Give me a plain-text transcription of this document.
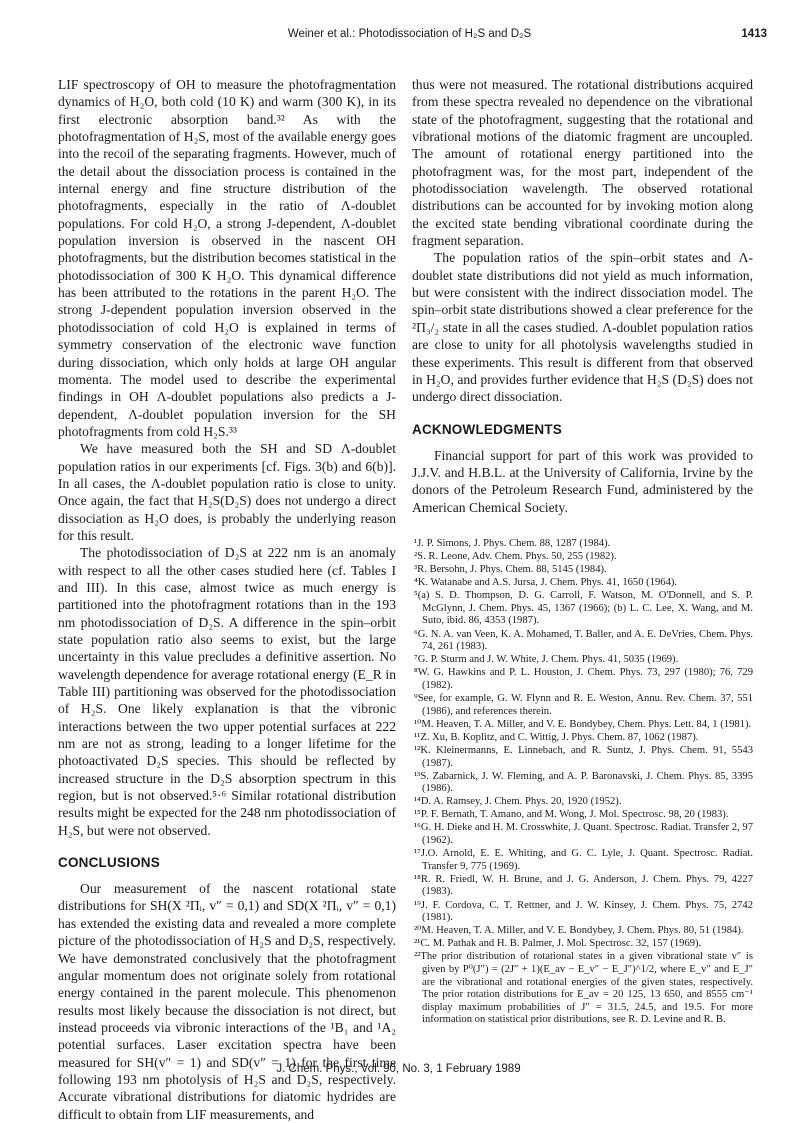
Weiner et al.: Photodissociation of H₂S and D₂S	1413

LIF spectroscopy of OH to measure the photofragmentation dynamics of H₂O, both cold (10 K) and warm (300 K), in its first electronic absorption band.³² As with the photofragmentation of H₂S, most of the available energy goes into the recoil of the separating fragments. However, much of the detail about the dissociation process is contained in the internal energy and fine structure distribution of the photofragments, especially in the ratio of Λ-doublet populations. For cold H₂O, a strong J-dependent, Λ-doublet population inversion is observed in the nascent OH photofragments, but the distribution becomes statistical in the photodissociation of 300 K H₂O. This dynamical difference has been attributed to the rotations in the parent H₂O. The strong J-dependent population inversion observed in the photodissociation of cold H₂O is explained in terms of symmetry conservation of the electronic wave function during dissociation, which only holds at large OH angular momenta. The model used to describe the experimental findings in OH Λ-doublet populations also predicts a J-dependent, Λ-doublet population inversion for the SH photofragments from cold H₂S.³³

We have measured both the SH and SD Λ-doublet population ratios in our experiments [cf. Figs. 3(b) and 6(b)]. In all cases, the Λ-doublet population ratio is close to unity. Once again, the fact that H₂S(D₂S) does not undergo a direct dissociation as H₂O does, is probably the underlying reason for this result.

The photodissociation of D₂S at 222 nm is an anomaly with respect to all the other cases studied here (cf. Tables I and III). In this case, almost twice as much energy is partitioned into the photofragment rotations than in the 193 nm photodissociation of D₂S. A difference in the spin–orbit state population ratio also seems to exist, but the large uncertainty in this value precludes a definitive assertion. No wavelength dependence for average rotational energy (E_R in Table III) partitioning was observed for the photodissociation of H₂S. One likely explanation is that the vibronic interactions between the two upper potential surfaces at 222 nm are not as strong, leading to a longer lifetime for the photoactivated D₂S species. This should be reflected by increased structure in the D₂S absorption spectrum in this region, but is not observed.⁵·⁶ Similar rotational distribution results might be expected for the 248 nm photodissociation of H₂S, but were not observed.

CONCLUSIONS

Our measurement of the nascent rotational state distributions for SH(X ²Πᵢ, v″ = 0,1) and SD(X ²Πᵢ, v″ = 0,1) has extended the existing data and revealed a more complete picture of the photodissociation of H₂S and D₂S, respectively. We have demonstrated conclusively that the photofragment angular momentum does not originate solely from rotational energy contained in the parent molecule. This phenomenon results most likely because the dissociation is not direct, but instead proceeds via vibronic interactions of the ¹B₁ and ¹A₂ potential surfaces. Laser excitation spectra have been measured for SH(v″ = 1) and SD(v″ = 1) for the first time following 193 nm photolysis of H₂S and D₂S, respectively. Accurate vibrational distributions for diatomic hydrides are difficult to obtain from LIF measurements, and

thus were not measured. The rotational distributions acquired from these spectra revealed no dependence on the vibrational state of the photofragment, suggesting that the rotational and vibrational motions of the diatomic fragment are uncoupled. The amount of rotational energy partitioned into the photofragment was, for the most part, independent of the photodissociation wavelength. The observed rotational distributions can be accounted for by invoking motion along the excited state bending vibrational coordinate during the fragment separation.

The population ratios of the spin–orbit states and Λ-doublet state distributions did not yield as much information, but were consistent with the indirect dissociation model. The spin–orbit state distributions showed a clear preference for the ²Π₃/₂ state in all the cases studied. Λ-doublet population ratios are close to unity for all photolysis wavelengths studied in these experiments. This result is different from that observed in H₂O, and provides further evidence that H₂S (D₂S) does not undergo direct dissociation.

ACKNOWLEDGMENTS

Financial support for part of this work was provided to J.J.V. and H.B.L. at the University of California, Irvine by the donors of the Petroleum Research Fund, administered by the American Chemical Society.

¹J. P. Simons, J. Phys. Chem. 88, 1287 (1984).
²S. R. Leone, Adv. Chem. Phys. 50, 255 (1982).
³R. Bersohn, J. Phys. Chem. 88, 5145 (1984).
⁴K. Watanabe and A.S. Jursa, J. Chem. Phys. 41, 1650 (1964).
⁵(a) S. D. Thompson, D. G. Carroll, F. Watson, M. O'Donnell, and S. P. McGlynn, J. Chem. Phys. 45, 1367 (1966); (b) L. C. Lee, X. Wang, and M. Suto, ibid. 86, 4353 (1987).
⁶G. N. A. van Veen, K. A. Mohamed, T. Baller, and A. E. DeVries, Chem. Phys. 74, 261 (1983).
⁷G. P. Sturm and J. W. White, J. Chem. Phys. 41, 5035 (1969).
⁸W. G. Hawkins and P. L. Houston, J. Chem. Phys. 73, 297 (1980); 76, 729 (1982).
⁹See, for example, G. W. Flynn and R. E. Weston, Annu. Rev. Chem. 37, 551 (1986), and references therein.
¹⁰M. Heaven, T. A. Miller, and V. E. Bondybey, Chem. Phys. Lett. 84, 1 (1981).
¹¹Z. Xu, B. Koplitz, and C. Wittig, J. Phys. Chem. 87, 1062 (1987).
¹²K. Kleinermanns, E. Linnebach, and R. Suntz, J. Phys. Chem. 91, 5543 (1987).
¹³S. Zabarnick, J. W. Fleming, and A. P. Baronavski, J. Chem. Phys. 85, 3395 (1986).
¹⁴D. A. Ramsey, J. Chem. Phys. 20, 1920 (1952).
¹⁵P. F. Bernath, T. Amano, and M. Wong, J. Mol. Spectrosc. 98, 20 (1983).
¹⁶G. H. Dieke and H. M. Crosswhite, J. Quant. Spectrosc. Radiat. Transfer 2, 97 (1962).
¹⁷J.O. Arnold, E. E. Whiting, and G. C. Lyle, J. Quant. Spectrosc. Radiat. Transfer 9, 775 (1969).
¹⁸R. R. Friedl, W. H. Brune, and J. G. Anderson, J. Chem. Phys. 79, 4227 (1983).
¹⁹J. F. Cordova, C. T. Rettner, and J. W. Kinsey, J. Chem. Phys. 75, 2742 (1981).
²⁰M. Heaven, T. A. Miller, and V. E. Bondybey, J. Chem. Phys. 80, 51 (1984).
²¹C. M. Pathak and H. B. Palmer, J. Mol. Spectrosc. 32, 157 (1969).
²²The prior distribution of rotational states in a given vibrational state v″ is given by P⁰(J″) = (2J″ + 1)(E_av − E_v″ − E_J″)^1/2, where E_v″ and E_J″ are the vibrational and rotational energies of the given states, respectively. The prior rotation distributions for E_av = 20 125, 13 650, and 8555 cm⁻¹ display maximum probabilities of J″ = 31.5, 24.5, and 19.5. For more information on statistical prior distributions, see R. D. Levine and R. B.
J. Chem. Phys., Vol. 90, No. 3, 1 February 1989
